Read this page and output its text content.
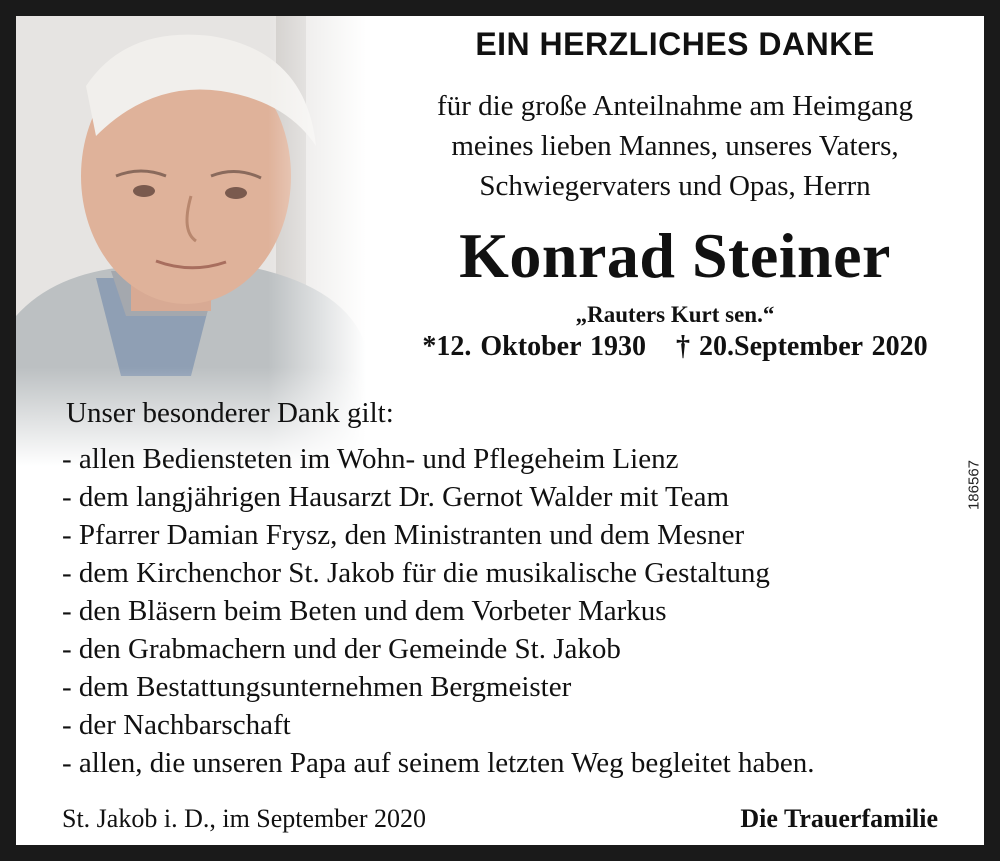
EIN HERZLICHES DANKE
für die große Anteilnahme am Heimgang
meines lieben Mannes, unseres Vaters,
Schwiegervaters und Opas, Herrn
Konrad Steiner
„Rauters Kurt sen.“
*12. Oktober 1930 † 20.September 2020
Unser besonderer Dank gilt:
- allen Bediensteten im Wohn- und Pflegeheim Lienz
- dem langjährigen Hausarzt Dr. Gernot Walder mit Team
- Pfarrer Damian Frysz, den Ministranten und dem Mesner
- dem Kirchenchor St. Jakob für die musikalische Gestaltung
- den Bläsern beim Beten und dem Vorbeter Markus
- den Grabmachern und der Gemeinde St. Jakob
- dem Bestattungsunternehmen Bergmeister
- der Nachbarschaft
- allen, die unseren Papa auf seinem letzten Weg begleitet haben.
186567
St. Jakob i. D., im September 2020	Die Trauerfamilie
